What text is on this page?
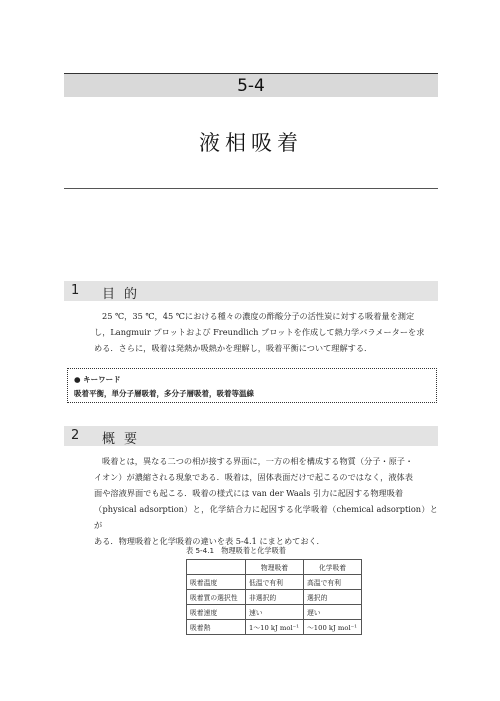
5-4
液相吸着
1 目的

25 ℃，35 ℃，45 ℃における種々の濃度の酢酸分子の活性炭に対する吸着量を測定

し，Langmuir プロットおよび Freundlich プロットを作成して熱力学パラメーターを求

める．さらに，吸着は発熱か吸熱かを理解し，吸着平衡について理解する．

● キーワード
吸着平衡，単分子層吸着，多分子層吸着，吸着等温線
2 概要

吸着とは，異なる二つの相が接する界面に，一方の相を構成する物質（分子・原子・

イオン）が濃縮される現象である．吸着は，固体表面だけで起こるのではなく，液体表

面や溶液界面でも起こる．吸着の様式には van der Waals 引力に起因する物理吸着

（physical adsorption）と，化学結合力に起因する化学吸着（chemical adsorption）とが

ある．物理吸着と化学吸着の違いを表 5-4.1 にまとめておく．

表 5-4.1　物理吸着と化学吸着
	物理吸着	化学吸着
吸着温度	低温で有利	高温で有利
吸着質の選択性	非選択的	選択的
吸着速度	速い	遅い
吸着熱	1～10 kJ mol⁻¹	～100 kJ mol⁻¹
